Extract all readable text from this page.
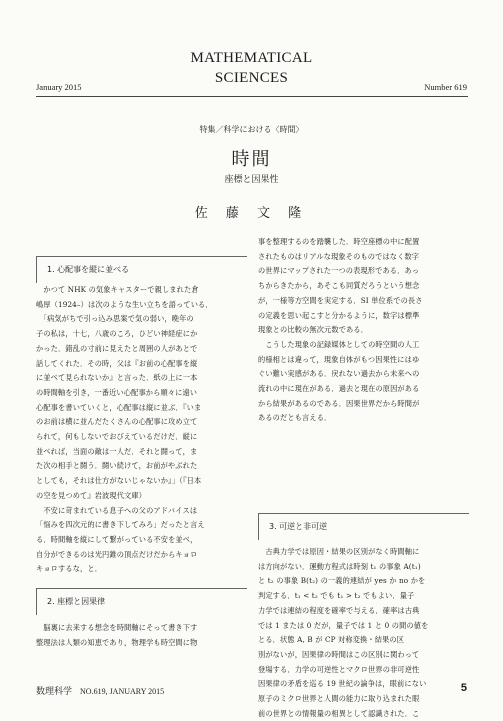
MATHEMATICAL
SCIENCES
January 2015	Number 619
特集／科学における〈時間〉
時間
座標と因果性
佐 藤 文 隆
1. 心配事を縦に並べる

　かつて NHK の気象キャスターで親しまれた倉

嶋厚（1924–）は次のような生い立ちを語っている．

　「病気がちで引っ込み思案で気の弱い，晩年の

子の私は，十七，八歳のころ，ひどい神経症にか

かった．錯乱の寸前に見えたと周囲の人があとで

話してくれた．その時，父は『お前の心配事を縦

に並べて見られないか』と言った．紙の上に一本

の時間軸を引き，一番近い心配事から順々に遠い

心配事を書いていくと，心配事は縦に並ぶ．『いま

のお前は横に並んだたくさんの心配事に攻め立て

られて，何もしないでおびえているだけだ．縦に

並べれば，当面の敵は一人だ．それと闘って，ま

た次の相手と闘う．闘い続けて，お前がやぶれた

としても，それは仕方がないじゃないか』」（『日本

の空を見つめて』岩波現代文庫）

　不安に苛まれている息子への父のアドバイスは

「悩みを四次元的に書き下してみろ」だったと言え

る．時間軸を縦にして繋がっている不安を並べ，

自分ができるのは光円錐の頂点だけだからキョロ

キョロするな，と．

2. 座標と因果律

　脳裏に去来する想念を時間軸にそって書き下す

整理法は人類の知恵であり，物理学も時空間に物

事を整理するのを踏襲した．時空座標の中に配置

されたものはリアルな現象そのものではなく数字

の世界にマップされた一つの表現形である．あっ

ちからきたから，あそこも同質だろうという想念

が，一様等方空間を実定する．SI 単位系での長さ

の定義を思い起こすと分かるように，数字は標準

現象との比較の無次元数である．

　こうした現象の記録媒体としての時空間の人工

的様相とは違って，現象自体がもつ因果性にはゆ

ぐい難い実感がある．戻れない過去から未来への

流れの中に現在がある．過去と現在の原因がある

から結果があるのである．因果世界だから時間が

あるのだとも言える．

3. 可逆と非可逆

　古典力学では原因・結果の区別がなく時間軸に

は方向がない．運動方程式は時刻 t₁ の事象 A(t₁)

と t₂ の事象 B(t₂) の一義的連結が yes か no かを

判定する．t₁ < t₂ でも t₁ > t₂ でもよい．量子

力学では連結の程度を確率で与える．確率は古典

では 1 または 0 だが，量子では 1 と 0 の間の値を

とる．状態 A, B が CP 対称変換・結果の区

別がないが，因果律の時間はこの区別に関わって

登場する．力学の可逆性とマクロ世界の非可逆性

因果律の矛盾を巡る 19 世紀の論争は，眼前にない

原子のミクロ世界と人間の能力に取り込まれた眼

前の世界との情報量の相異として認識された．こ

数理科学 NO.619, JANUARY 2015	5
